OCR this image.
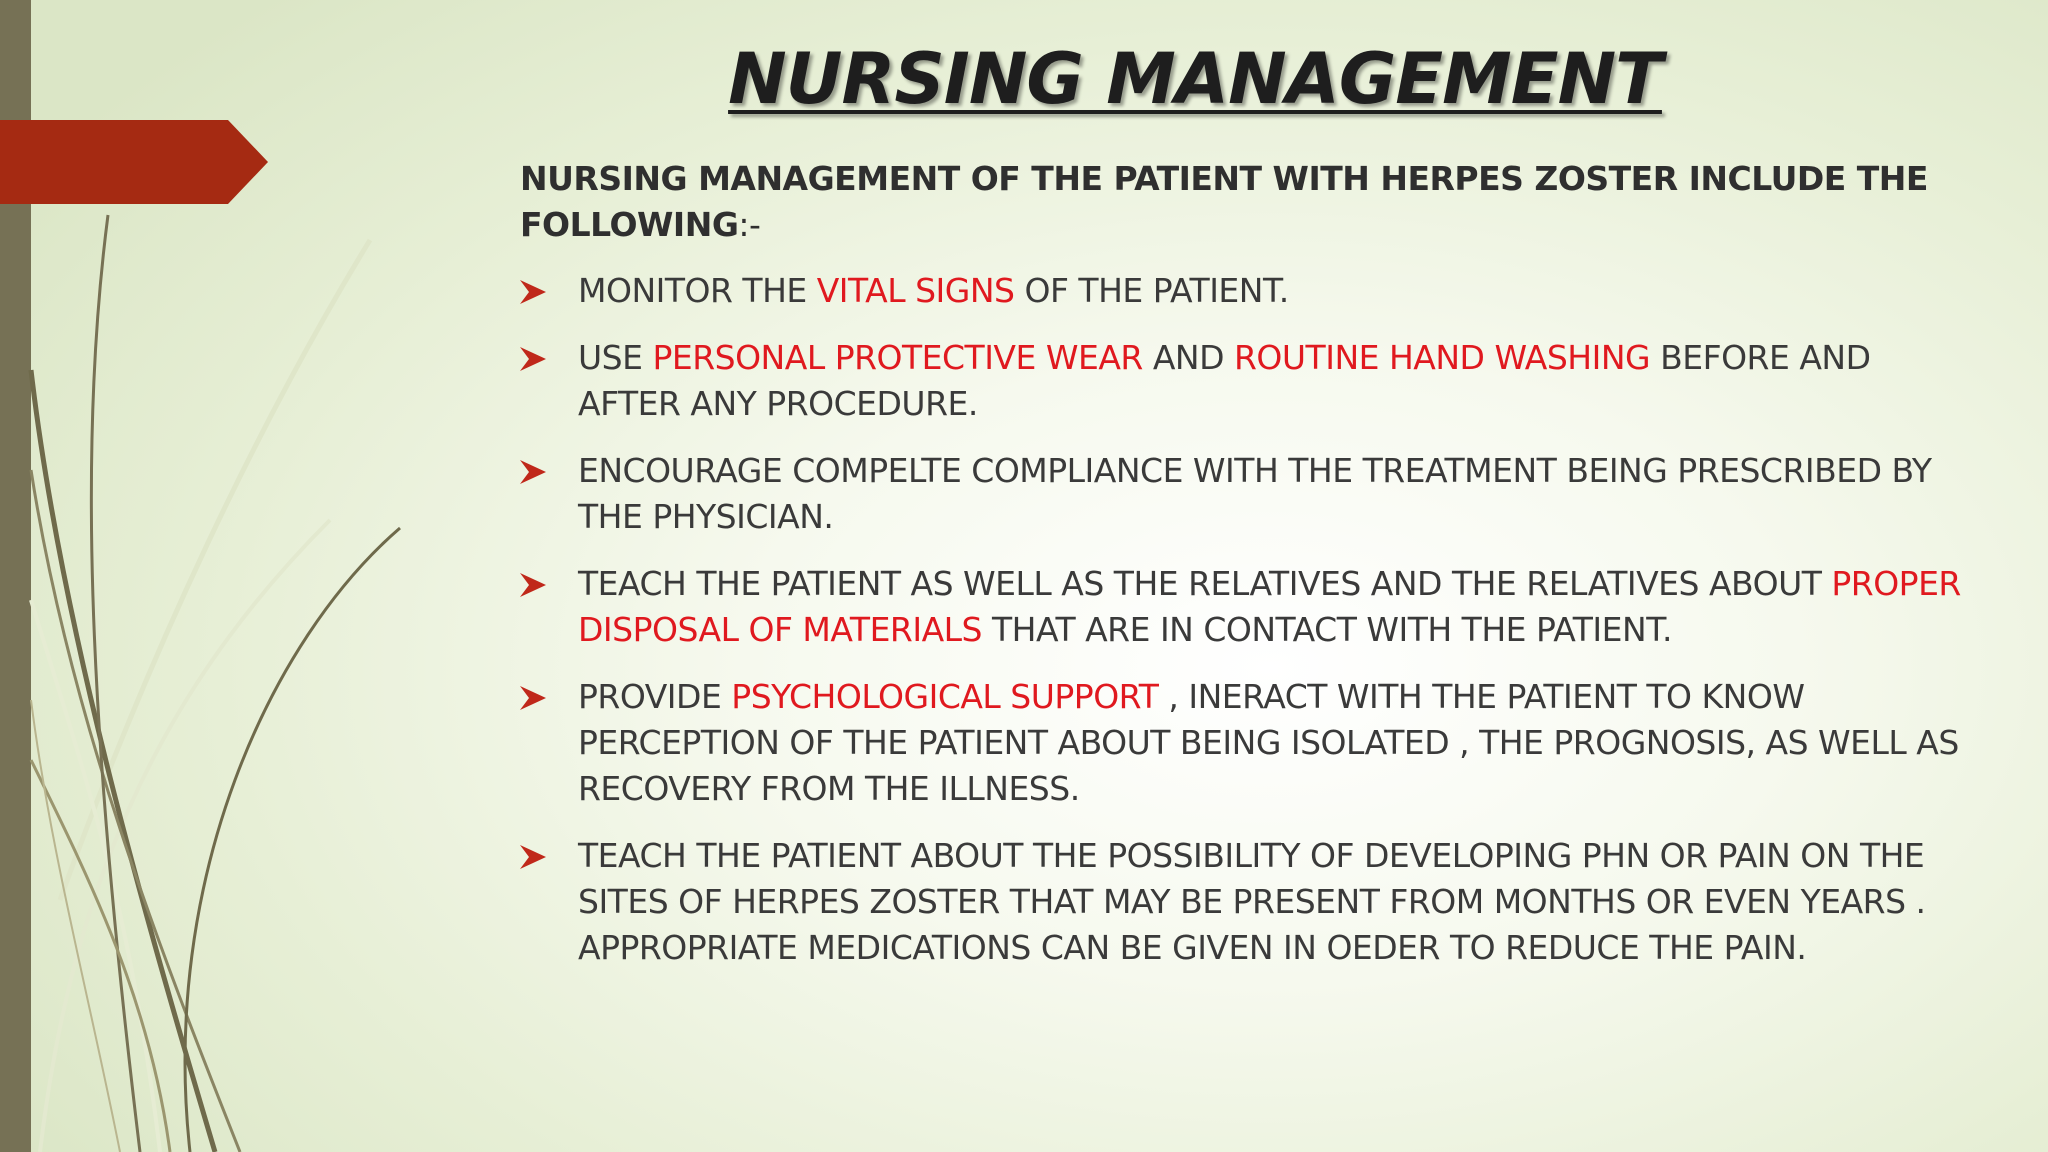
NURSING MANAGEMENT

NURSING MANAGEMENT OF THE PATIENT WITH HERPES ZOSTER INCLUDE THE FOLLOWING:-

MONITOR THE VITAL SIGNS OF THE PATIENT.
USE PERSONAL PROTECTIVE WEAR AND ROUTINE HAND WASHING BEFORE AND AFTER ANY PROCEDURE.
ENCOURAGE COMPELTE COMPLIANCE WITH THE TREATMENT BEING PRESCRIBED BY THE PHYSICIAN.
TEACH THE PATIENT AS WELL AS THE RELATIVES AND THE RELATIVES ABOUT PROPER DISPOSAL OF MATERIALS THAT ARE IN CONTACT WITH THE PATIENT.
PROVIDE PSYCHOLOGICAL SUPPORT , INERACT WITH THE PATIENT TO KNOW PERCEPTION OF THE PATIENT ABOUT BEING ISOLATED , THE PROGNOSIS, AS WELL AS RECOVERY FROM THE ILLNESS.
TEACH THE PATIENT ABOUT THE POSSIBILITY OF DEVELOPING PHN OR PAIN ON THE SITES OF HERPES ZOSTER THAT MAY BE PRESENT FROM MONTHS OR EVEN YEARS . APPROPRIATE MEDICATIONS CAN BE GIVEN IN OEDER TO REDUCE THE PAIN.
